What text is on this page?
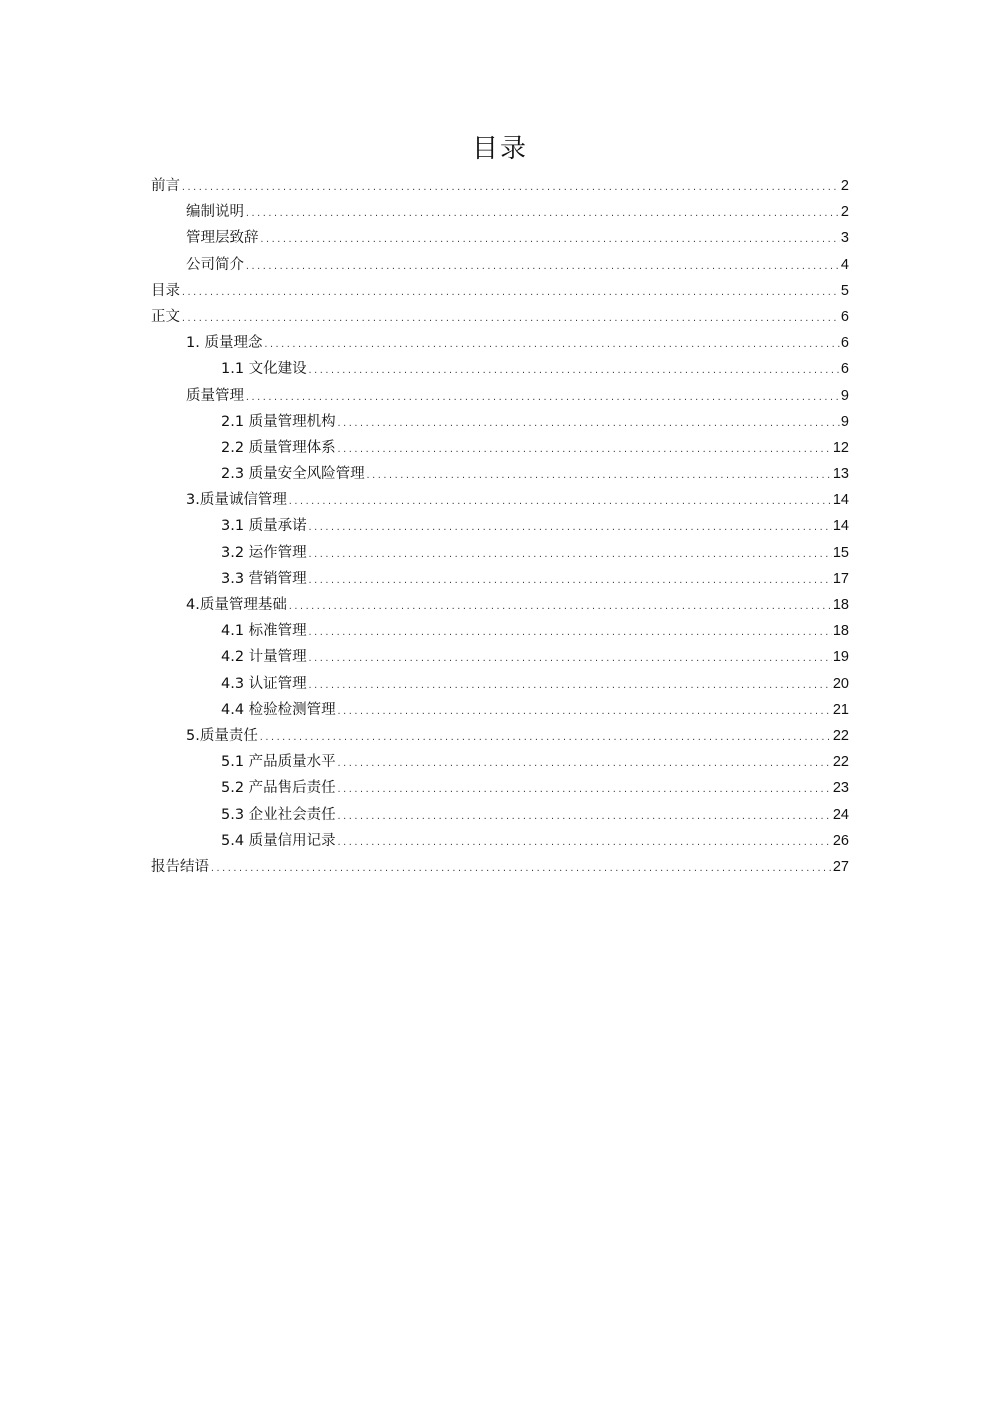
目录
前言 .....	2
编制说明 .....	2
管理层致辞 .....	3
公司简介 .....	4
目录 .....	5
正文 .....	6
1. 质量理念 .....	6
1.1 文化建设 .....	6
质量管理 .....	9
2.1 质量管理机构 .....	9
2.2 质量管理体系 .....	12
2.3 质量安全风险管理 .....	13
3.质量诚信管理 .....	14
3.1 质量承诺 .....	14
3.2 运作管理 .....	15
3.3 营销管理 .....	17
4.质量管理基础 .....	18
4.1 标准管理 .....	18
4.2 计量管理 .....	19
4.3 认证管理 .....	20
4.4 检验检测管理 .....	21
5.质量责任 .....	22
5.1 产品质量水平 .....	22
5.2 产品售后责任 .....	23
5.3 企业社会责任 .....	24
5.4 质量信用记录 .....	26
报告结语 .....	27
